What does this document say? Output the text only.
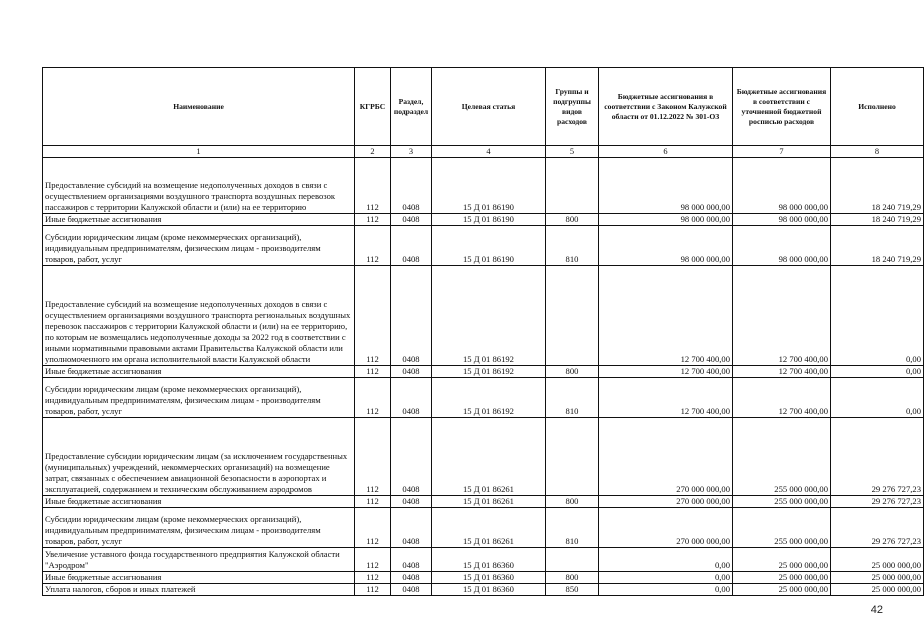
Наименование	КГРБС	Раздел, подраздел	Целевая статья	Группы и подгруппы видов расходов	Бюджетные ассигнования в соответствии с Законом Калужской области от 01.12.2022 № 301-ОЗ	Бюджетные ассигнования в соответствии с уточненной бюджетной росписью расходов	Исполнено
1	2	3	4	5	6	7	8
Предоставление субсидий на возмещение недополученных доходов в связи с осуществлением организациями воздушного транспорта воздушных перевозок пассажиров с территории Калужской области и (или) на ее территорию	112	0408	15 Д 01 86190		98 000 000,00	98 000 000,00	18 240 719,29
Иные бюджетные ассигнования	112	0408	15 Д 01 86190	800	98 000 000,00	98 000 000,00	18 240 719,29
Субсидии юридическим лицам (кроме некоммерческих организаций), индивидуальным предпринимателям, физическим лицам - производителям товаров, работ, услуг	112	0408	15 Д 01 86190	810	98 000 000,00	98 000 000,00	18 240 719,29
Предоставление субсидий на возмещение недополученных доходов в связи с осуществлением организациями воздушного транспорта региональных воздушных перевозок пассажиров с территории Калужской области и (или) на ее территорию, по которым не возмещались недополученные доходы за 2022 год в соответствии с иными нормативными правовыми актами Правительства Калужской области или уполномоченного им органа исполнительной власти Калужской области	112	0408	15 Д 01 86192		12 700 400,00	12 700 400,00	0,00
Иные бюджетные ассигнования	112	0408	15 Д 01 86192	800	12 700 400,00	12 700 400,00	0,00
Субсидии юридическим лицам (кроме некоммерческих организаций), индивидуальным предпринимателям, физическим лицам - производителям товаров, работ, услуг	112	0408	15 Д 01 86192	810	12 700 400,00	12 700 400,00	0,00
Предоставление субсидии юридическим лицам (за исключением государственных (муниципальных) учреждений, некоммерческих организаций) на возмещение затрат, связанных с обеспечением авиационной безопасности в аэропортах и эксплуатацией, содержанием и техническим обслуживанием аэродромов	112	0408	15 Д 01 86261		270 000 000,00	255 000 000,00	29 276 727,23
Иные бюджетные ассигнования	112	0408	15 Д 01 86261	800	270 000 000,00	255 000 000,00	29 276 727,23
Субсидии юридическим лицам (кроме некоммерческих организаций), индивидуальным предпринимателям, физическим лицам - производителям товаров, работ, услуг	112	0408	15 Д 01 86261	810	270 000 000,00	255 000 000,00	29 276 727,23
Увеличение уставного фонда государственного предприятия Калужской области "Аэродром"	112	0408	15 Д 01 86360		0,00	25 000 000,00	25 000 000,00
Иные бюджетные ассигнования	112	0408	15 Д 01 86360	800	0,00	25 000 000,00	25 000 000,00
Уплата налогов, сборов и иных платежей	112	0408	15 Д 01 86360	850	0,00	25 000 000,00	25 000 000,00
42
